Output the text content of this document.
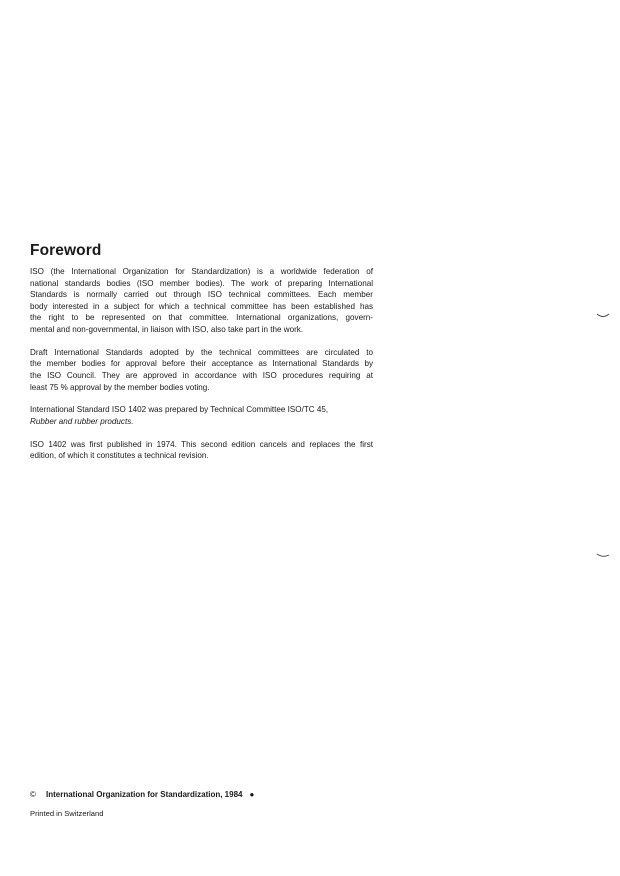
Foreword

ISO (the International Organization for Standardization) is a worldwide federation of
national standards bodies (ISO member bodies). The work of preparing International
Standards is normally carried out through ISO technical committees. Each member
body interested in a subject for which a technical committee has been established has
the right to be represented on that committee. International organizations, govern-
mental and non-governmental, in liaison with ISO, also take part in the work.

Draft International Standards adopted by the technical committees are circulated to
the member bodies for approval before their acceptance as International Standards by
the ISO Council. They are approved in accordance with ISO procedures requiring at
least 75 % approval by the member bodies voting.

International Standard ISO 1402 was prepared by Technical Committee ISO/TC 45,
Rubber and rubber products.

ISO 1402 was first published in 1974. This second edition cancels and replaces the first
edition, of which it constitutes a technical revision.

© International Organization for Standardization, 1984 ●
Printed in Switzerland
